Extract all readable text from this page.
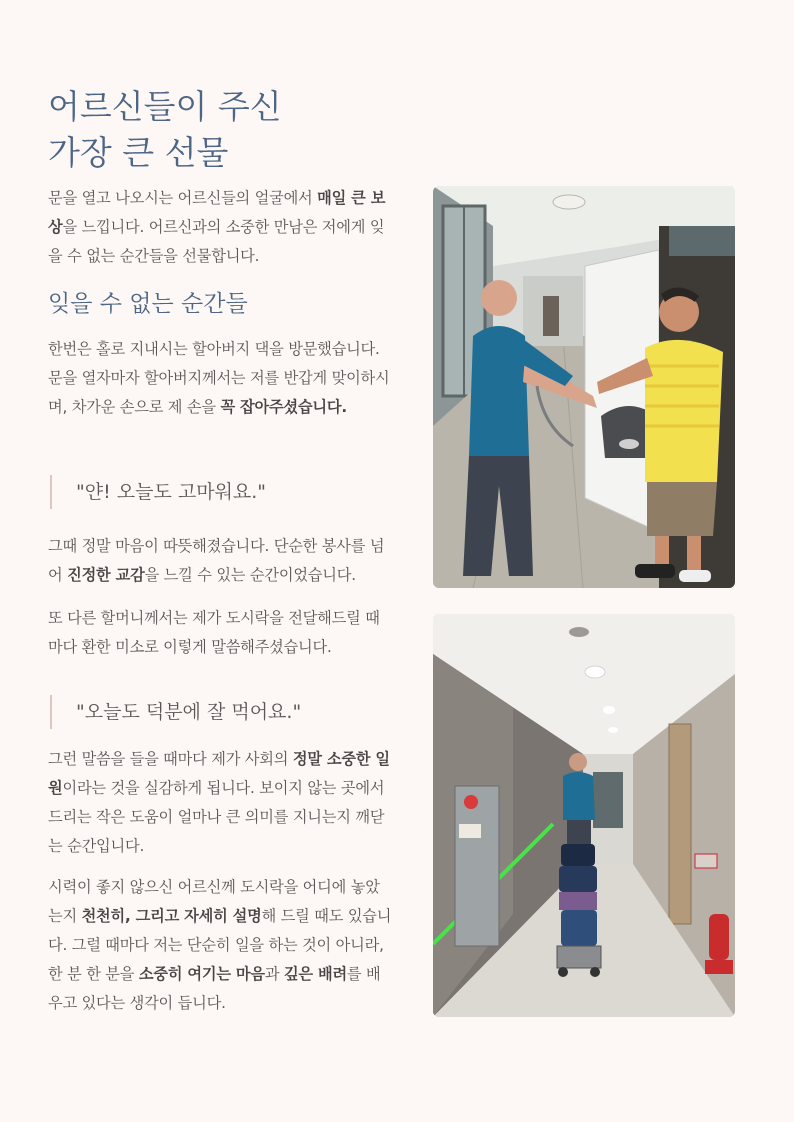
어르신들이 주신
가장 큰 선물

문을 열고 나오시는 어르신들의 얼굴에서 매일 큰 보상을 느낍니다. 어르신과의 소중한 만남은 저에게 잊을 수 없는 순간들을 선물합니다.

잊을 수 없는 순간들

한번은 홀로 지내시는 할아버지 댁을 방문했습니다. 문을 열자마자 할아버지께서는 저를 반갑게 맞이하시며, 차가운 손으로 제 손을 꼭 잡아주셨습니다.

"얀! 오늘도 고마워요."

그때 정말 마음이 따뜻해졌습니다. 단순한 봉사를 넘어 진정한 교감을 느낄 수 있는 순간이었습니다.

또 다른 할머니께서는 제가 도시락을 전달해드릴 때마다 환한 미소로 이렇게 말씀해주셨습니다.

"오늘도 덕분에 잘 먹어요."

그런 말씀을 들을 때마다 제가 사회의 정말 소중한 일원이라는 것을 실감하게 됩니다. 보이지 않는 곳에서 드리는 작은 도움이 얼마나 큰 의미를 지니는지 깨닫는 순간입니다.

시력이 좋지 않으신 어르신께 도시락을 어디에 놓았는지 천천히, 그리고 자세히 설명해 드릴 때도 있습니다. 그럴 때마다 저는 단순히 일을 하는 것이 아니라, 한 분 한 분을 소중히 여기는 마음과 깊은 배려를 배우고 있다는 생각이 듭니다.
